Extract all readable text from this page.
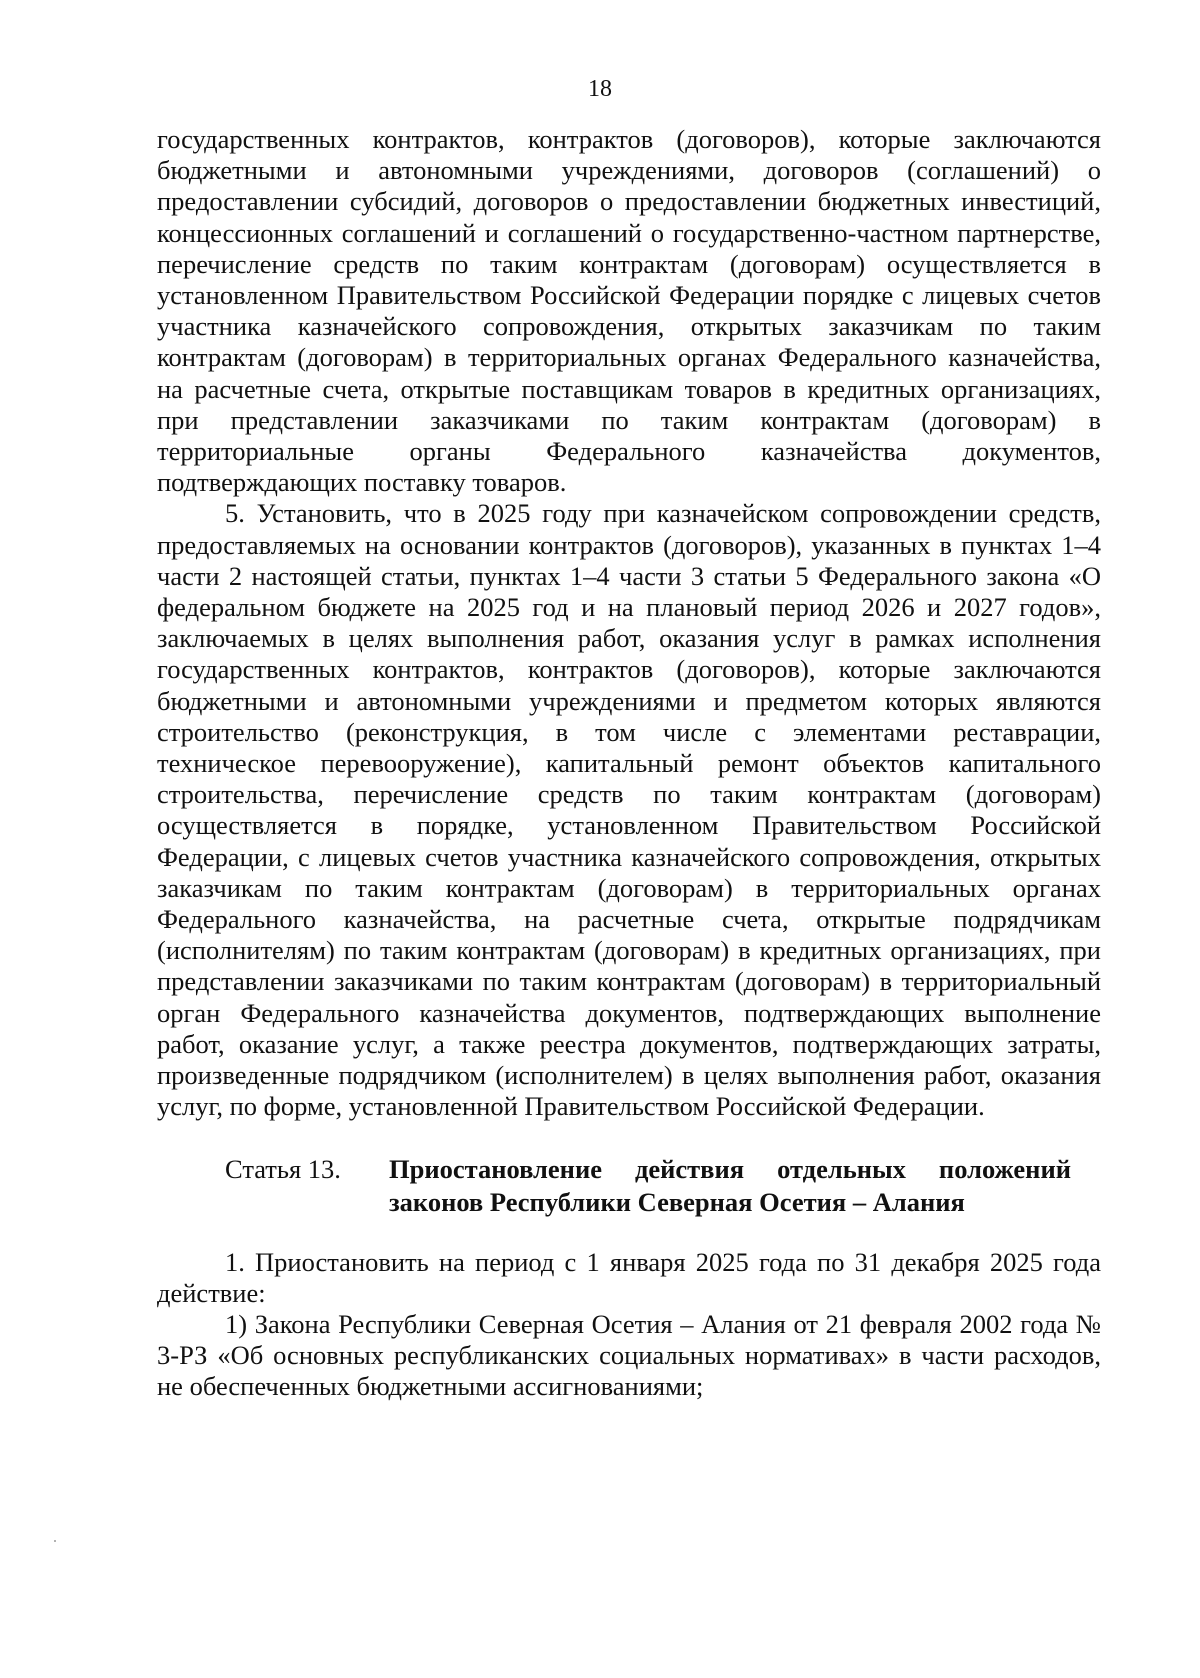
18

государственных контрактов, контрактов (договоров), которые заключаются бюджетными и автономными учреждениями, договоров (соглашений) о предоставлении субсидий, договоров о предоставлении бюджетных инвестиций, концессионных соглашений и соглашений о государственно-частном партнерстве, перечисление средств по таким контрактам (договорам) осуществляется в установленном Правительством Российской Федерации порядке с лицевых счетов участника казначейского сопровождения, открытых заказчикам по таким контрактам (договорам) в территориальных органах Федерального казначейства, на расчетные счета, открытые поставщикам товаров в кредитных организациях, при представлении заказчиками по таким контрактам (договорам) в территориальные органы Федерального казначейства документов, подтверждающих поставку товаров.

5. Установить, что в 2025 году при казначейском сопровождении средств, предоставляемых на основании контрактов (договоров), указанных в пунктах 1–4 части 2 настоящей статьи, пунктах 1–4 части 3 статьи 5 Федерального закона «О федеральном бюджете на 2025 год и на плановый период 2026 и 2027 годов», заключаемых в целях выполнения работ, оказания услуг в рамках исполнения государственных контрактов, контрактов (договоров), которые заключаются бюджетными и автономными учреждениями и предметом которых являются строительство (реконструкция, в том числе с элементами реставрации, техническое перевооружение), капитальный ремонт объектов капитального строительства, перечисление средств по таким контрактам (договорам) осуществляется в порядке, установленном Правительством Российской Федерации, с лицевых счетов участника казначейского сопровождения, открытых заказчикам по таким контрактам (договорам) в территориальных органах Федерального казначейства, на расчетные счета, открытые подрядчикам (исполнителям) по таким контрактам (договорам) в кредитных организациях, при представлении заказчиками по таким контрактам (договорам) в территориальный орган Федерального казначейства документов, подтверждающих выполнение работ, оказание услуг, а также реестра документов, подтверждающих затраты, произведенные подрядчиком (исполнителем) в целях выполнения работ, оказания услуг, по форме, установленной Правительством Российской Федерации.

Статья 13.	Приостановление действия отдельных положений законов Республики Северная Осетия – Алания

1. Приостановить на период с 1 января 2025 года по 31 декабря 2025 года действие:

1) Закона Республики Северная Осетия – Алания от 21 февраля 2002 года № 3-РЗ «Об основных республиканских социальных нормативах» в части расходов, не обеспеченных бюджетными ассигнованиями;
